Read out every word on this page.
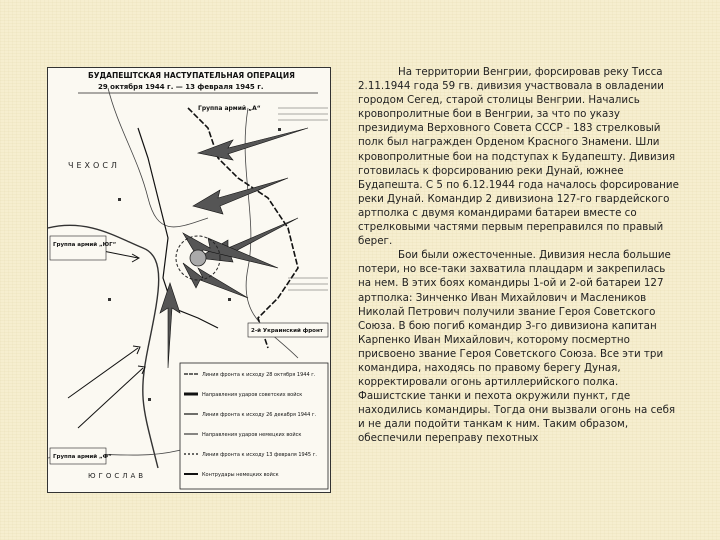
БУДАПЕШТСКАЯ НАСТУПАТЕЛЬНАЯ ОПЕРАЦИЯ
29 октября 1944 г. — 13 февраля 1945 г.
ЧЕХОСЛ
Группа армий „А“
Группа армий „ЮГ“
2-й Украинский фронт
Группа армий „Ф“
ЮГОСЛАВ
Линия фронта к исходу 28 октября 1944 г.
Направления ударов советских войск
Линия фронта к исходу 26 декабря 1944 г.
Направления ударов немецких войск
Линия фронта к исходу 13 февраля 1945 г.
Контрудары немецких войск

На территории Венгрии, форсировав реку Тисса 2.11.1944 года 59 гв. дивизия участвовала в овладении городом Сегед, старой столицы Венгрии. Начались кровопролитные бои в Венгрии, за что по указу президиума Верховного Совета СССР - 183 стрелковый полк был награжден Орденом Красного Знамени. Шли кровопролитные бои на подступах к Будапешту. Дивизия готовилась к форсированию реки Дунай, южнее Будапешта. С 5 по 6.12.1944 года началось форсирование реки Дунай. Командир 2 дивизиона 127-го гвардейского артполка с двумя командирами батареи вместе со стрелковыми частями первым переправился по правый берег.

Бои были ожесточенные. Дивизия несла большие потери, но все-таки захватила плацдарм и закрепилась на нем. В этих боях командиры 1-ой и 2-ой батареи 127 артполка: Зинченко Иван Михайлович и Маслеников Николай Петрович получили звание Героя Советского Союза. В бою погиб командир 3-го дивизиона капитан Карпенко Иван Михайлович, которому посмертно присвоено звание Героя Советского Союза. Все эти три командира, находясь по правому берегу Дуная, корректировали огонь артиллерийского полка. Фашистские танки и пехота окружили пункт, где находились командиры. Тогда они вызвали огонь на себя и не дали подойти танкам к ним. Таким образом, обеспечили переправу пехотных
